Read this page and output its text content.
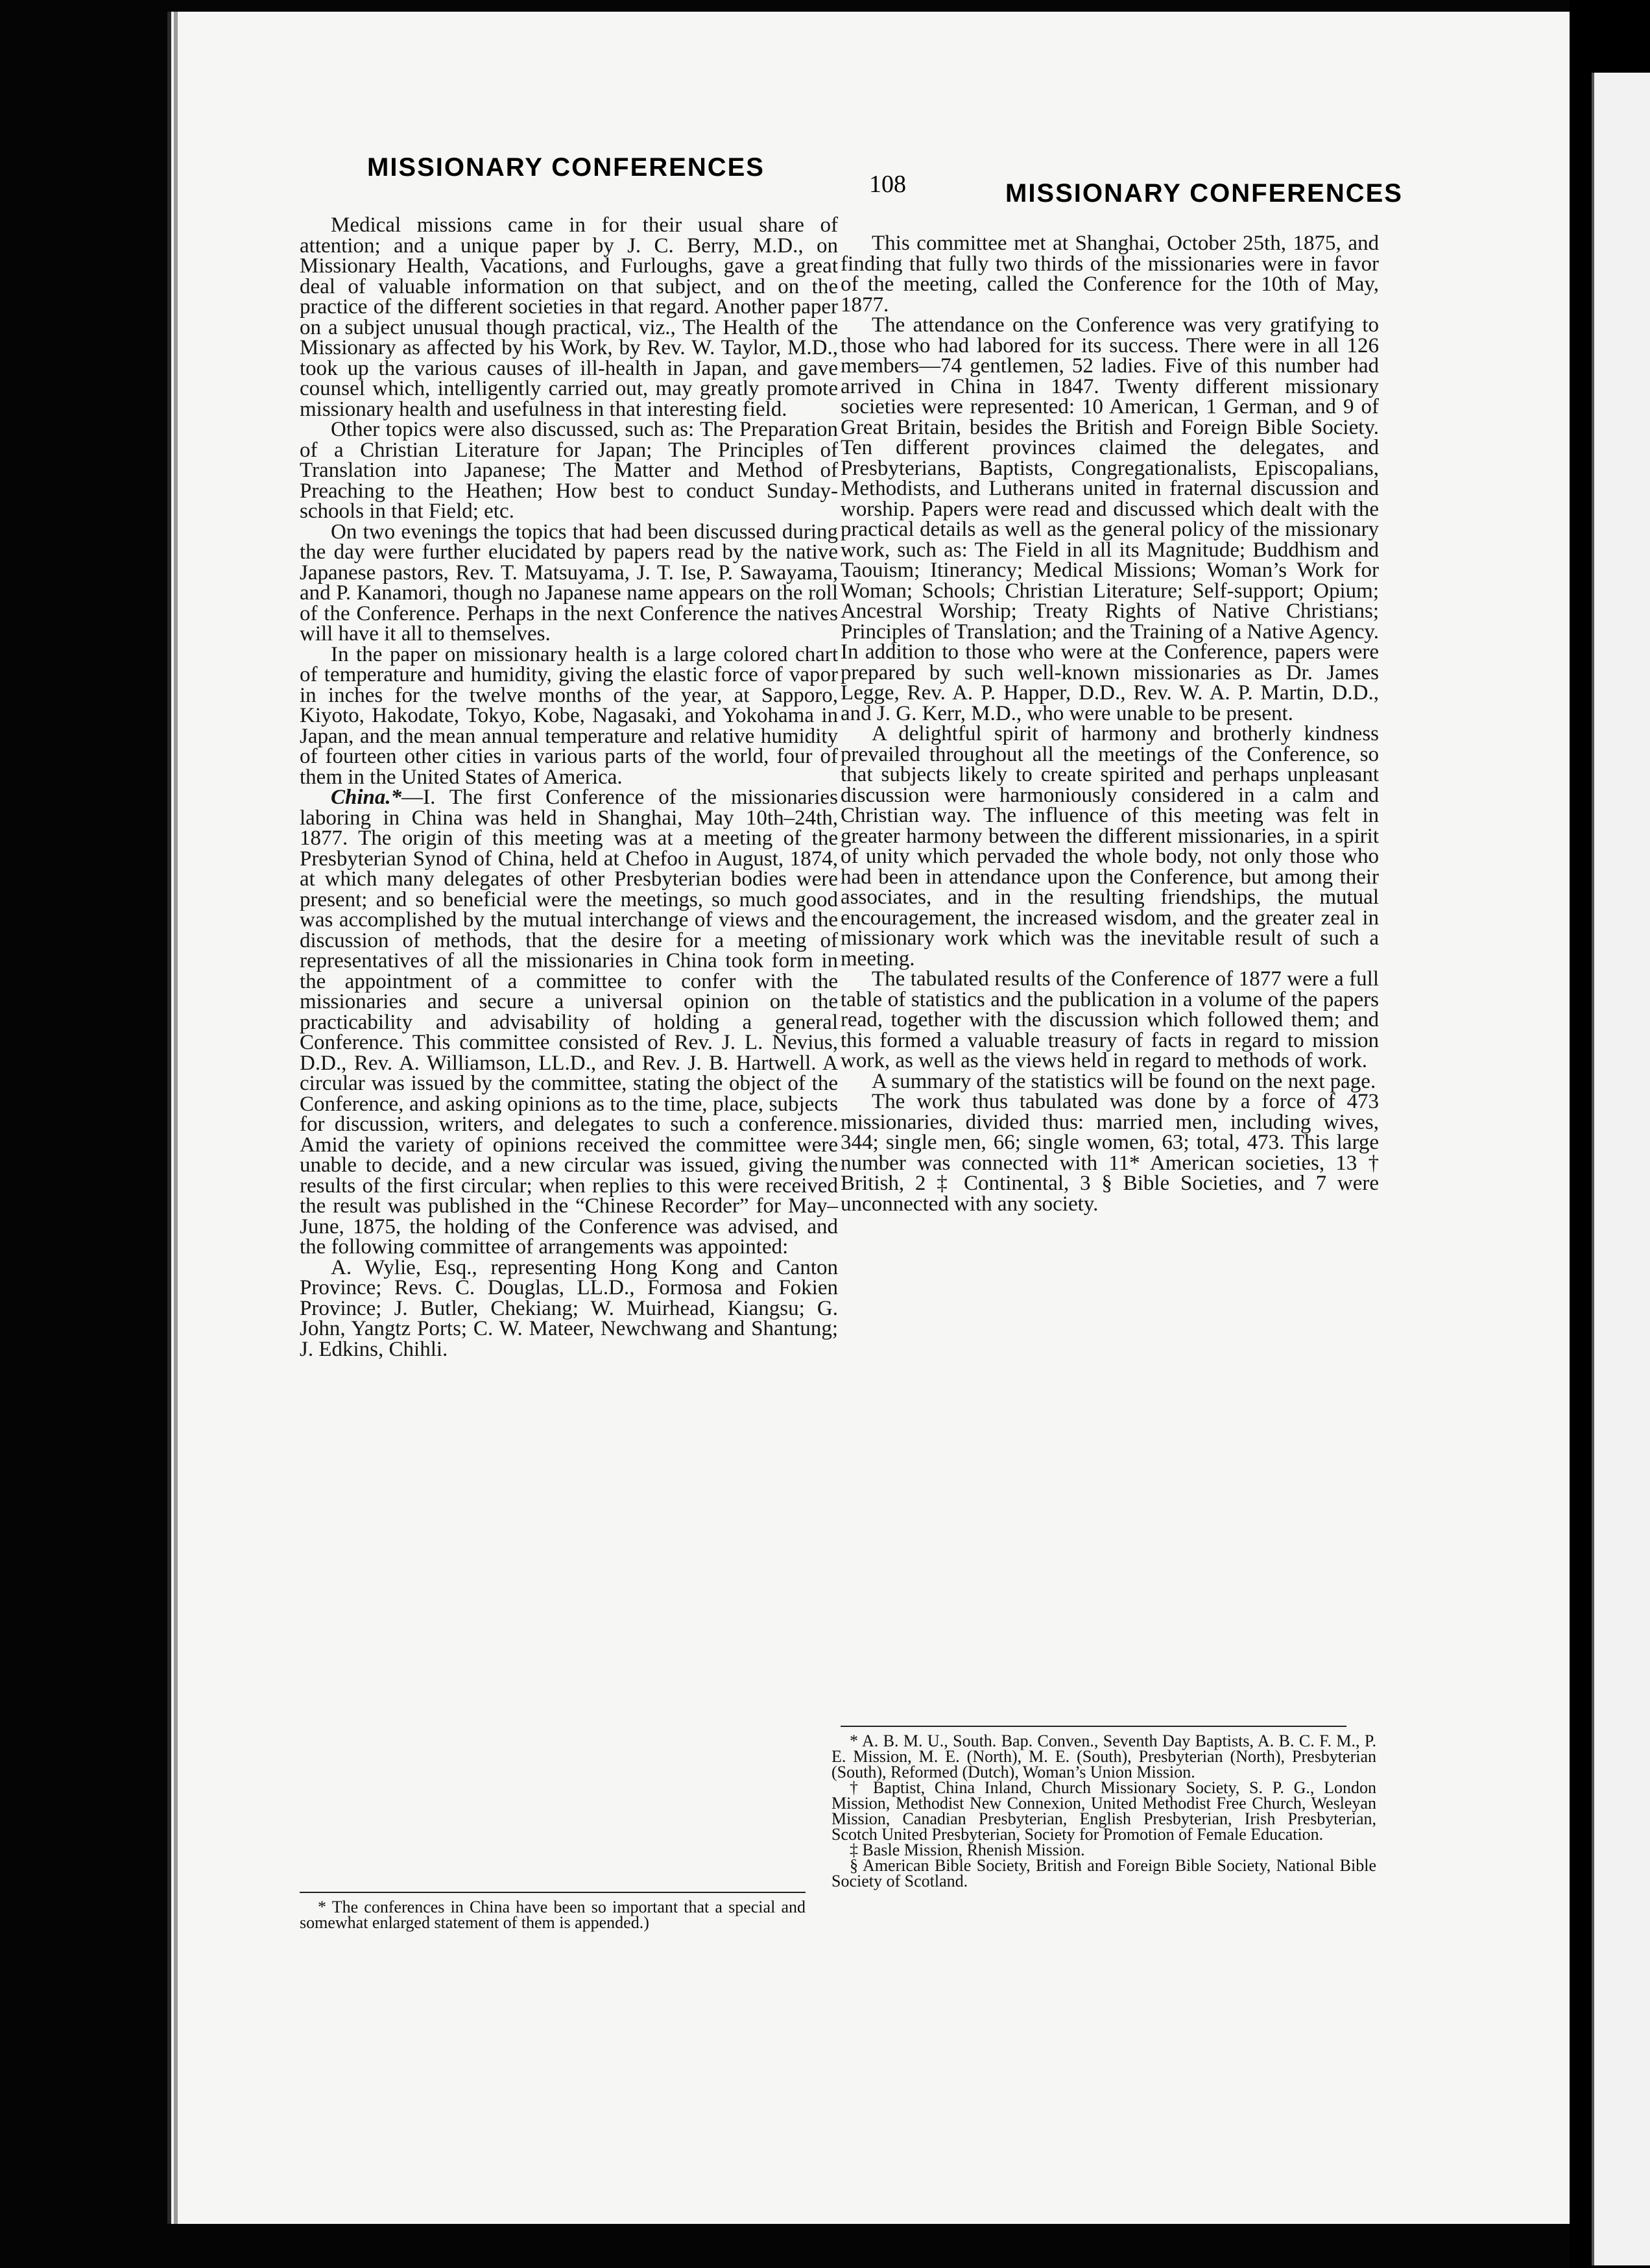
MISSIONARY CONFERENCES
108	MISSIONARY CONFERENCES

Medical missions came in for their usual share of attention; and a unique paper by J. C. Berry, M.D., on Missionary Health, Vacations, and Furloughs, gave a great deal of valuable information on that subject, and on the practice of the different societies in that regard. Another paper on a subject unusual though practical, viz., The Health of the Missionary as affected by his Work, by Rev. W. Taylor, M.D., took up the various causes of ill-health in Japan, and gave counsel which, intelligently carried out, may greatly promote missionary health and usefulness in that interesting field.

Other topics were also discussed, such as: The Preparation of a Christian Literature for Japan; The Principles of Translation into Japanese; The Matter and Method of Preaching to the Heathen; How best to conduct Sunday-schools in that Field; etc.

On two evenings the topics that had been discussed during the day were further elucidated by papers read by the native Japanese pastors, Rev. T. Matsuyama, J. T. Ise, P. Sawayama, and P. Kanamori, though no Japanese name appears on the roll of the Conference. Perhaps in the next Conference the natives will have it all to themselves.

In the paper on missionary health is a large colored chart of temperature and humidity, giving the elastic force of vapor in inches for the twelve months of the year, at Sapporo, Kiyoto, Hakodate, Tokyo, Kobe, Nagasaki, and Yokohama in Japan, and the mean annual temperature and relative humidity of fourteen other cities in various parts of the world, four of them in the United States of America.

China.*—I. The first Conference of the missionaries laboring in China was held in Shanghai, May 10th–24th, 1877. The origin of this meeting was at a meeting of the Presbyterian Synod of China, held at Chefoo in August, 1874, at which many delegates of other Presbyterian bodies were present; and so beneficial were the meetings, so much good was accomplished by the mutual interchange of views and the discussion of methods, that the desire for a meeting of representatives of all the missionaries in China took form in the appointment of a committee to confer with the missionaries and secure a universal opinion on the practicability and advisability of holding a general Conference. This committee consisted of Rev. J. L. Nevius, D.D., Rev. A. Williamson, LL.D., and Rev. J. B. Hartwell. A circular was issued by the committee, stating the object of the Conference, and asking opinions as to the time, place, subjects for discussion, writers, and delegates to such a conference. Amid the variety of opinions received the committee were unable to decide, and a new circular was issued, giving the results of the first circular; when replies to this were received the result was published in the “Chinese Recorder” for May–June, 1875, the holding of the Conference was advised, and the following committee of arrangements was appointed:

A. Wylie, Esq., representing Hong Kong and Canton Province; Revs. C. Douglas, LL.D., Formosa and Fokien Province; J. Butler, Chekiang; W. Muirhead, Kiangsu; G. John, Yangtz Ports; C. W. Mateer, Newchwang and Shantung; J. Edkins, Chihli.

* The conferences in China have been so important that a special and somewhat enlarged statement of them is appended.)

This committee met at Shanghai, October 25th, 1875, and finding that fully two thirds of the missionaries were in favor of the meeting, called the Conference for the 10th of May, 1877.

The attendance on the Conference was very gratifying to those who had labored for its success. There were in all 126 members—74 gentlemen, 52 ladies. Five of this number had arrived in China in 1847. Twenty different missionary societies were represented: 10 American, 1 German, and 9 of Great Britain, besides the British and Foreign Bible Society. Ten different provinces claimed the delegates, and Presbyterians, Baptists, Congregationalists, Episcopalians, Methodists, and Lutherans united in fraternal discussion and worship. Papers were read and discussed which dealt with the practical details as well as the general policy of the missionary work, such as: The Field in all its Magnitude; Buddhism and Taouism; Itinerancy; Medical Missions; Woman’s Work for Woman; Schools; Christian Literature; Self-support; Opium; Ancestral Worship; Treaty Rights of Native Christians; Principles of Translation; and the Training of a Native Agency. In addition to those who were at the Conference, papers were prepared by such well-known missionaries as Dr. James Legge, Rev. A. P. Happer, D.D., Rev. W. A. P. Martin, D.D., and J. G. Kerr, M.D., who were unable to be present.

A delightful spirit of harmony and brotherly kindness prevailed throughout all the meetings of the Conference, so that subjects likely to create spirited and perhaps unpleasant discussion were harmoniously considered in a calm and Christian way. The influence of this meeting was felt in greater harmony between the different missionaries, in a spirit of unity which pervaded the whole body, not only those who had been in attendance upon the Conference, but among their associates, and in the resulting friendships, the mutual encouragement, the increased wisdom, and the greater zeal in missionary work which was the inevitable result of such a meeting.

The tabulated results of the Conference of 1877 were a full table of statistics and the publication in a volume of the papers read, together with the discussion which followed them; and this formed a valuable treasury of facts in regard to mission work, as well as the views held in regard to methods of work.

A summary of the statistics will be found on the next page.

The work thus tabulated was done by a force of 473 missionaries, divided thus: married men, including wives, 344; single men, 66; single women, 63; total, 473. This large number was connected with 11* American societies, 13 † British, 2 ‡ Continental, 3 § Bible Societies, and 7 were unconnected with any society.

* A. B. M. U., South. Bap. Conven., Seventh Day Baptists, A. B. C. F. M., P. E. Mission, M. E. (North), M. E. (South), Presbyterian (North), Presbyterian (South), Reformed (Dutch), Woman’s Union Mission.

† Baptist, China Inland, Church Missionary Society, S. P. G., London Mission, Methodist New Connexion, United Methodist Free Church, Wesleyan Mission, Canadian Presbyterian, English Presbyterian, Irish Presbyterian, Scotch United Presbyterian, Society for Promotion of Female Education.

‡ Basle Mission, Rhenish Mission.

§ American Bible Society, British and Foreign Bible Society, National Bible Society of Scotland.
